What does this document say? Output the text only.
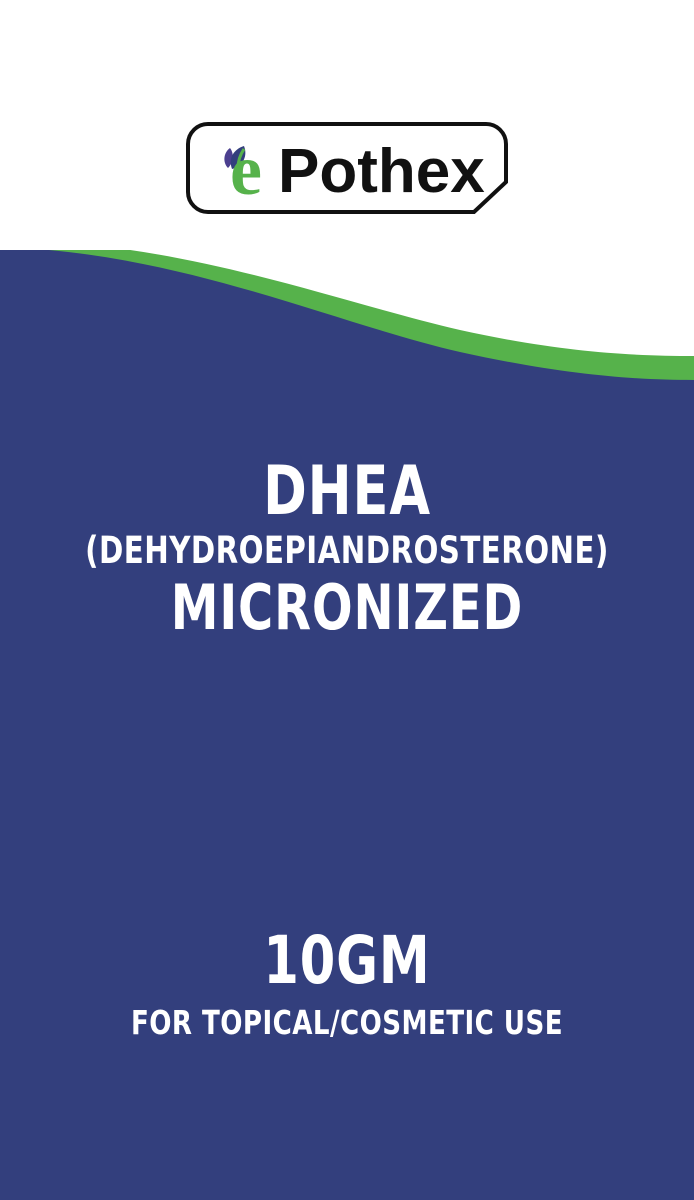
e Pothex
DHEA
(DEHYDROEPIANDROSTERONE)
MICRONIZED
10GM
FOR TOPICAL/COSMETIC USE
